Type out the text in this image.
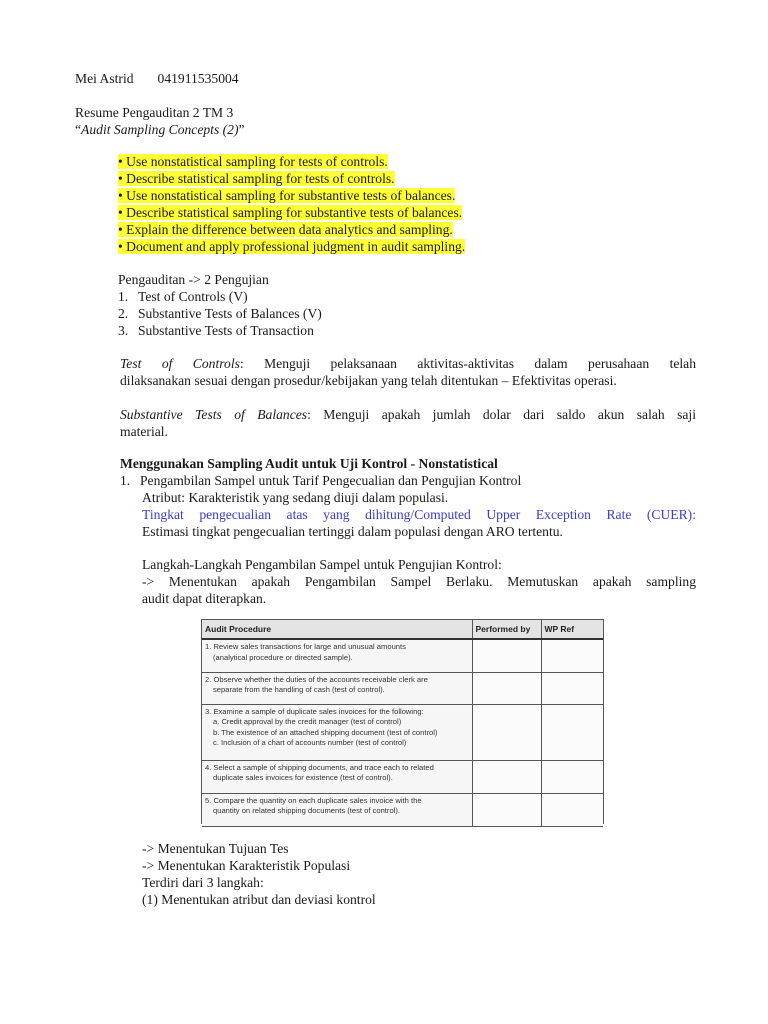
Mei Astrid 041911535004
Resume Pengauditan 2 TM 3
“Audit Sampling Concepts (2)”
• Use nonstatistical sampling for tests of controls.
• Describe statistical sampling for tests of controls.
• Use nonstatistical sampling for substantive tests of balances.
• Describe statistical sampling for substantive tests of balances.
• Explain the difference between data analytics and sampling.
• Document and apply professional judgment in audit sampling.
Pengauditan -> 2 Pengujian
1. Test of Controls (V)
2. Substantive Tests of Balances (V)
3. Substantive Tests of Transaction
Test of Controls: Menguji pelaksanaan aktivitas-aktivitas dalam perusahaan telah
dilaksanakan sesuai dengan prosedur/kebijakan yang telah ditentukan – Efektivitas operasi.
Substantive Tests of Balances: Menguji apakah jumlah dolar dari saldo akun salah saji
material.
Menggunakan Sampling Audit untuk Uji Kontrol - Nonstatistical
1. Pengambilan Sampel untuk Tarif Pengecualian dan Pengujian Kontrol
Atribut: Karakteristik yang sedang diuji dalam populasi.
Tingkat pengecualian atas yang dihitung/Computed Upper Exception Rate (CUER):
Estimasi tingkat pengecualian tertinggi dalam populasi dengan ARO tertentu.
Langkah-Langkah Pengambilan Sampel untuk Pengujian Kontrol:
-> Menentukan apakah Pengambilan Sampel Berlaku. Memutuskan apakah sampling
audit dapat diterapkan.
Audit Procedure	Performed by	WP Ref
1. Review sales transactions for large and unusual amounts
(analytical procedure or directed sample).		

2. Observe whether the duties of the accounts receivable clerk are
separate from the handling of cash (test of control).		

3. Examine a sample of duplicate sales invoices for the following:
a. Credit approval by the credit manager (test of control)
b. The existence of an attached shipping document (test of control)
c. Inclusion of a chart of accounts number (test of control)		

4. Select a sample of shipping documents, and trace each to related
duplicate sales invoices for existence (test of control).		

5. Compare the quantity on each duplicate sales invoice with the
quantity on related shipping documents (test of control).		

-> Menentukan Tujuan Tes
-> Menentukan Karakteristik Populasi
Terdiri dari 3 langkah:
(1) Menentukan atribut dan deviasi kontrol
